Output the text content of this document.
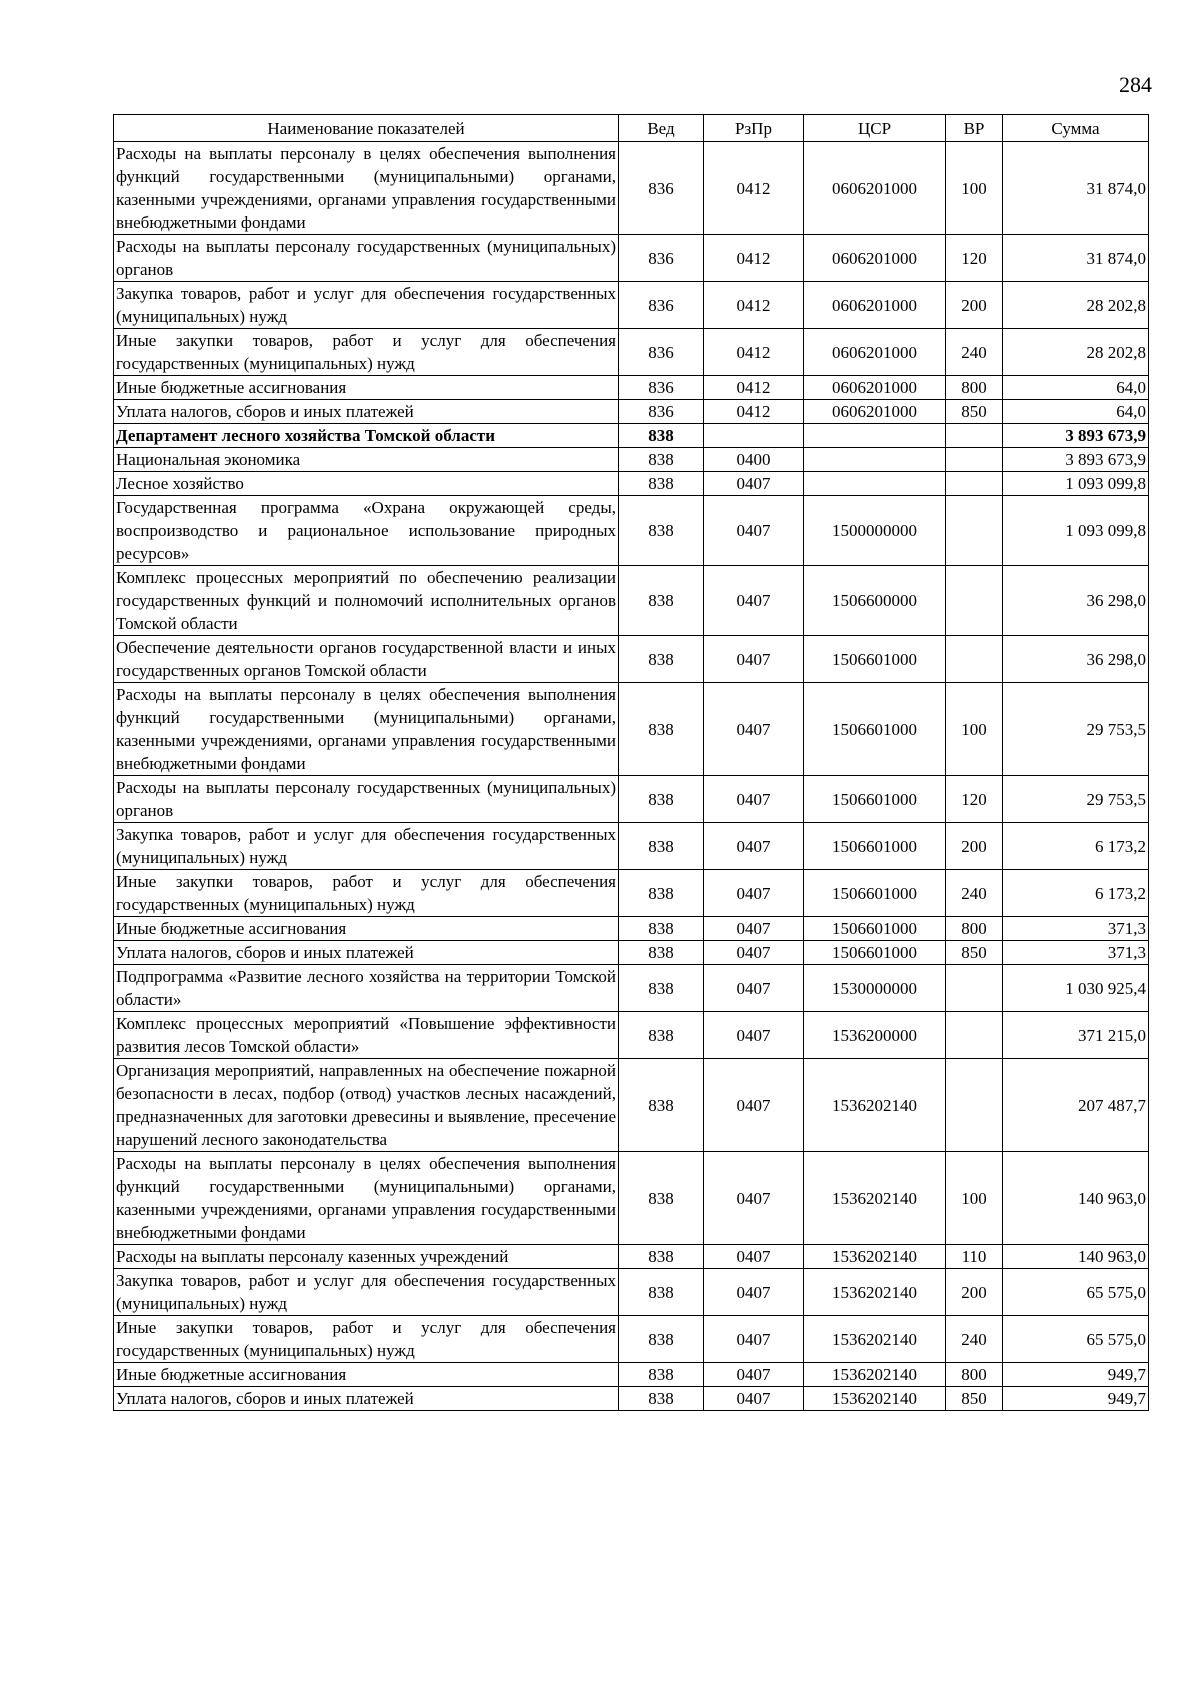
284
Наименование показателей	Вед	РзПр	ЦСР	ВР	Сумма
Расходы на выплаты персоналу в целях обеспечения выполнения функций государственными (муниципальными) органами, казенными учреждениями, органами управления государственными внебюджетными фондами	836	0412	0606201000	100	31 874,0
Расходы на выплаты персоналу государственных (муниципальных) органов	836	0412	0606201000	120	31 874,0
Закупка товаров, работ и услуг для обеспечения государственных (муниципальных) нужд	836	0412	0606201000	200	28 202,8
Иные закупки товаров, работ и услуг для обеспечения государственных (муниципальных) нужд	836	0412	0606201000	240	28 202,8
Иные бюджетные ассигнования	836	0412	0606201000	800	64,0
Уплата налогов, сборов и иных платежей	836	0412	0606201000	850	64,0
Департамент лесного хозяйства Томской области	838				3 893 673,9
Национальная экономика	838	0400			3 893 673,9
Лесное хозяйство	838	0407			1 093 099,8
Государственная программа «Охрана окружающей среды, воспроизводство и рациональное использование природных ресурсов»	838	0407	1500000000		1 093 099,8
Комплекс процессных мероприятий по обеспечению реализации государственных функций и полномочий исполнительных органов Томской области	838	0407	1506600000		36 298,0
Обеспечение деятельности органов государственной власти и иных государственных органов Томской области	838	0407	1506601000		36 298,0
Расходы на выплаты персоналу в целях обеспечения выполнения функций государственными (муниципальными) органами, казенными учреждениями, органами управления государственными внебюджетными фондами	838	0407	1506601000	100	29 753,5
Расходы на выплаты персоналу государственных (муниципальных) органов	838	0407	1506601000	120	29 753,5
Закупка товаров, работ и услуг для обеспечения государственных (муниципальных) нужд	838	0407	1506601000	200	6 173,2
Иные закупки товаров, работ и услуг для обеспечения государственных (муниципальных) нужд	838	0407	1506601000	240	6 173,2
Иные бюджетные ассигнования	838	0407	1506601000	800	371,3
Уплата налогов, сборов и иных платежей	838	0407	1506601000	850	371,3
Подпрограмма «Развитие лесного хозяйства на территории Томской области»	838	0407	1530000000		1 030 925,4
Комплекс процессных мероприятий «Повышение эффективности развития лесов Томской области»	838	0407	1536200000		371 215,0
Организация мероприятий, направленных на обеспечение пожарной безопасности в лесах, подбор (отвод) участков лесных насаждений, предназначенных для заготовки древесины и выявление, пресечение нарушений лесного законодательства	838	0407	1536202140		207 487,7
Расходы на выплаты персоналу в целях обеспечения выполнения функций государственными (муниципальными) органами, казенными учреждениями, органами управления государственными внебюджетными фондами	838	0407	1536202140	100	140 963,0
Расходы на выплаты персоналу казенных учреждений	838	0407	1536202140	110	140 963,0
Закупка товаров, работ и услуг для обеспечения государственных (муниципальных) нужд	838	0407	1536202140	200	65 575,0
Иные закупки товаров, работ и услуг для обеспечения государственных (муниципальных) нужд	838	0407	1536202140	240	65 575,0
Иные бюджетные ассигнования	838	0407	1536202140	800	949,7
Уплата налогов, сборов и иных платежей	838	0407	1536202140	850	949,7
